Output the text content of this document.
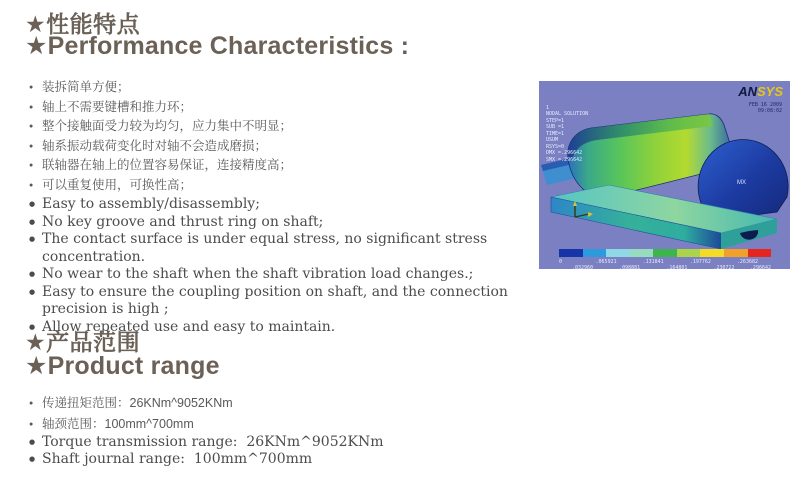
★性能特点
★Performance Characteristics :
● 装拆简单方便；
● 轴上不需要键槽和推力环；
● 整个接触面受力较为均匀，应力集中不明显；
● 轴系振动载荷变化时对轴不会造成磨损；
● 联轴器在轴上的位置容易保证，连接精度高；
● 可以重复使用，可换性高；
● Easy to assembly/disassembly;
● No key groove and thrust ring on shaft;
● The contact surface is under equal stress, no significant stress concentration.
● No wear to the shaft when the shaft vibration load changes.;
● Easy to ensure the coupling position on shaft, and the connection precision is high ;
● Allow repeated use and easy to maintain.
MX

1
NODAL SOLUTION
STEP=1
SUB =1
TIME=1
USUM
RSYS=0
DMX =.296642
SMX =.296642
ANSYS
FEB 16 2009
09:08:02
0	.065921	.131841	.197762	.263682
.032960	.098881	.164801	.230722	.296642
★产品范围
★Product range
● 传递扭矩范围：26KNm^9052KNm
● 轴颈范围：100mm^700mm
● Torque transmission range:  26KNm^9052KNm
● Shaft journal range:  100mm^700mm
